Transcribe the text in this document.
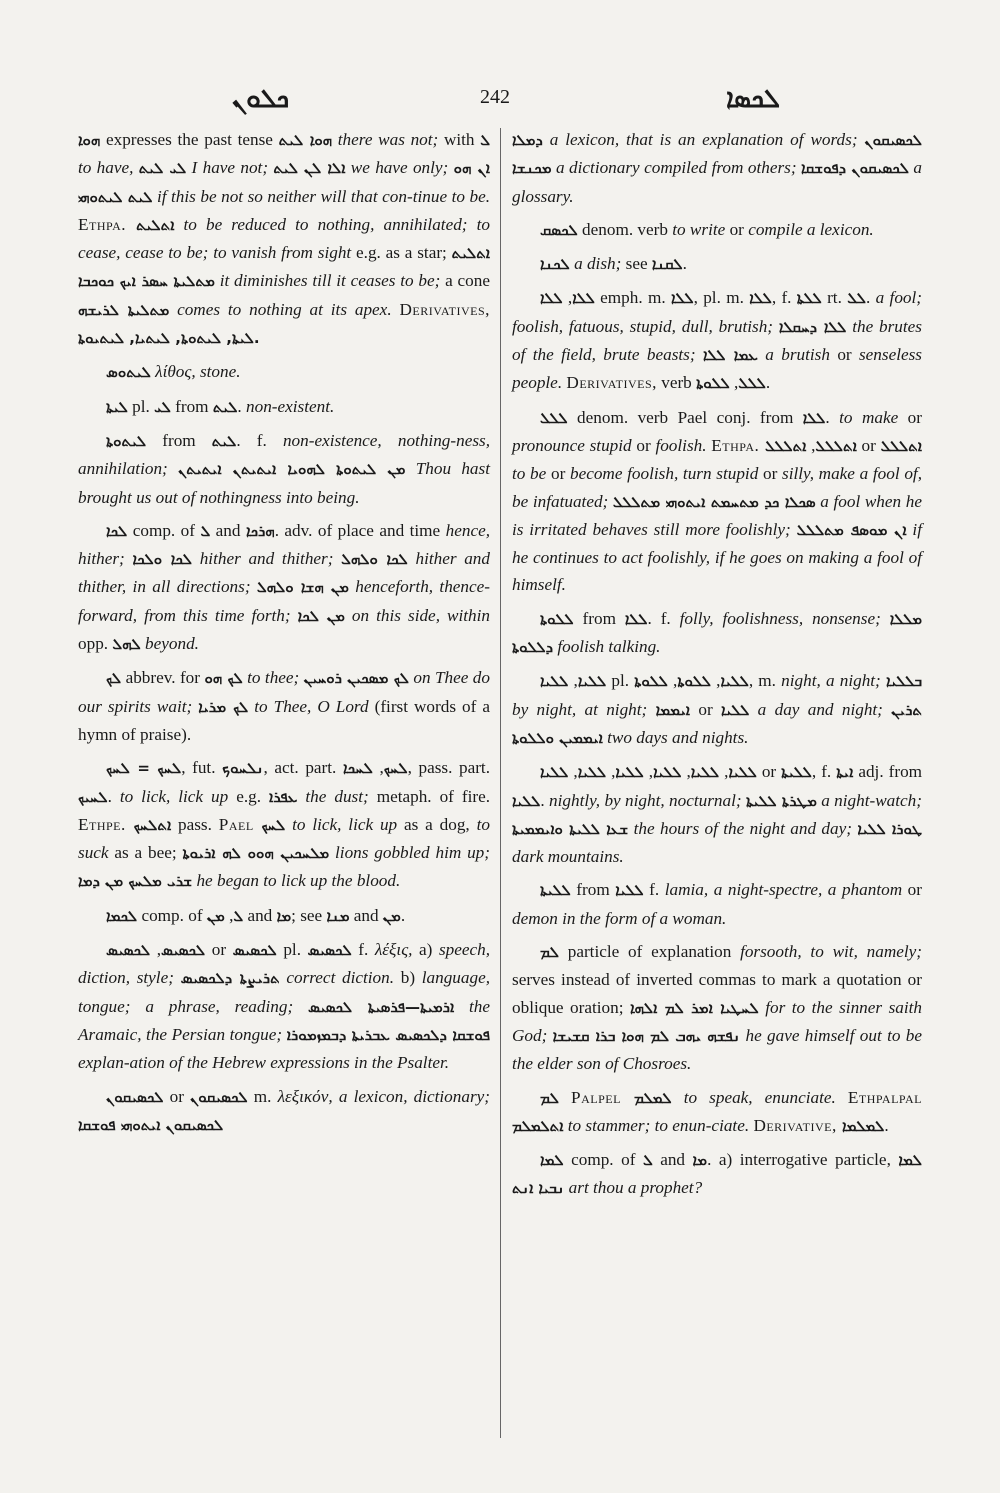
ܟܠܘܢ	242	ܠܟܣܐ

ܗܘܐ expresses the past tense ܗܘܐ ܠܝܬ there was not; with ܠ to have, ܠܝ ܠܝܬ I have not; ܐܠܐ ܠܢ ܠܝܬ we have only; ܐܢ ܗܘ ܠܝܬ ܠܝܬܘܗܝ if this be not so neither will that con-tinue to be. Ethpa. ܐܬܠܝܬ to be reduced to nothing, annihilated; to cease, cease to be; to vanish from sight e.g. as a star; ܐܬܠܝܬ ܡܬܠܝܬܐ ܚܣܪ ܐܝܟ ܟܘܟܒܐ it diminishes till it ceases to be; a cone ܡܬܠܝܬܐ ܠܪܝܫܗ comes to nothing at its apex. Derivatives, ܠܝܬܐ, ܠܝܬܘܬܐ, ܠܝܬܝܐ, ܠܝܬܝܘܬܐ.

ܠܝܬܘܣ λίθος, stone.

ܠܝܬܐ pl. ܠܝ from ܠܝܬ. non-existent.

ܠܝܬܘܬܐ from ܠܝܬ. f. non-existence, nothing-ness, annihilation;	ܡܢ ܠܝܬܘܬܐ ܠܗܘܝܐ ܐܝܬܝܬܢ ܐܝܬܝܬܢ	Thou hast brought us out of nothingness into being.

ܠܟܐ comp. of ܠ and ܗܪܟܐ. adv. of place and time hence, hither; ܠܟܐ ܘܠܟܐ hither and thither; ܠܟܐ ܘܠܗܠ hither and thither, in all directions; ܡܢ ܗܫܐ ܘܠܗܠ henceforth, thence-forward, from this time forth; ܡܢ ܠܟܐ on this side, within opp. ܠܗܠ beyond.

ܠܟ abbrev. for ܠܟ ܗܘ to thee;	ܠܟ ܡܣܟܝܢ ܪܘܚܝܢ on Thee do our spirits wait; ܠܟ ܡܪܝܐ to Thee, O Lord (first words of a hymn of praise).

ܠܚܟ = ܠܚܟ, fut. ܢܠܚܘܟ, act. part.	ܠܚܟ, ܠܚܟܐ , pass. part. ܠܚܝܟ. to lick, lick up e.g. ܥܦܪܐ the dust; metaph. of fire. Ethpe. ܐܬܠܚܟ pass. Pael ܠܚܟ to lick, lick up as a dog, to suck as a bee;	ܡܠܚܟܝܢ ܗܘܘ ܠܗ ܐܪܝܘܬܐ	lions gobbled him up; ܫܪܝ ܡܠܚܟ ܡܢ ܕܡܐ	he began to lick up the blood.

ܠܟܡܐ comp. of ܠ, ܡܢ and ܡܐ; see ܡܢܐ and ܡܢ.

ܠܟܣܝܣ, ܠܟܣܝܣ	or ܠܟܣܝܣ pl. ܠܟܣܝܣ f. λέξις, a) speech, diction, style;	ܬܪܝܨܬܐ ܕܠܟܣܝܣ correct diction. b) language, tongue; a phrase, reading; ܐܪܡܝܬܐ—ܦܪܣܝܬܐ ܠܟܣܝܣ the Aramaic, the Persian tongue;	ܦܘܫܩܐ ܕܠܟܣܝܣ ܥܒܪܝܬܐ ܕܒܡܙܡܘܪܐ explan-ation of the Hebrew expressions in the Psalter.

ܠܟܣܝܩܘܢ or ܠܟܣܝܩܘܢ m. λεξικόν, a lexicon, dictionary; ܠܟܣܝܩܘܢ ܐܝܬܘܗܝ ܦܘܫܩܐ

ܕܡܠܐ a lexicon, that is an explanation of words; ܠܟܣܝܩܘܢ ܡܟܢܫܐ a dictionary compiled from others; ܠܟܣܝܩܘܢ ܕܦܘܫܩܐ a glossary.

ܠܟܣܩ denom. verb to write or compile a lexicon.

ܠܟܢܐ a dish; see ܠܩܢܐ.

ܠܠܐ, ܠܠܐ emph. m. ܠܠܐ, pl. m. ܠܠܐ, f. ܠܠܬܐ rt. ܠܠ. a fool; foolish, fatuous, stupid, dull, brutish; ܠܠܐ ܕܚܩܠܐ the brutes of the field, brute beasts; ܥܡܐ ܠܠܐ a brutish or senseless people. Derivatives, verb	ܠܠܠ, ܠܠܘܬܐ .

ܠܠܠ denom. verb Pael conj. from ܠܠܐ. to make or pronounce stupid or foolish. Ethpa. ܐܬܠܠܠ, ܐܬܠܠܠ	or ܐܬܠܠܠ to be or become foolish, turn stupid or silly, make a fool of, be infatuated;	ܣܟܠܐ ܟܕ ܡܬܚܡܬ ܐܝܬܘܗܝ ܡܬܠܠܠ	a fool when he is irritated behaves still more foolishly; ܐܢ ܡܘܣܦ ܡܬܠܠܠ if he continues to act foolishly, if he goes on making a fool of himself.

ܠܠܘܬܐ from ܠܠܐ. f. folly, foolishness, nonsense; ܡܠܠܐ ܕܠܠܘܬܐ foolish talking.

ܠܠܝܐ, ܠܠܝܐ pl.	ܠܠܝܐ, ܠܠܘܬܐ, ܠܠܘܬܐ	, m. night, a night; ܒܠܠܝܐ by night, at night; ܐܝܡܡܐ or ܠܠܝܐ a day and night; ܬܪܝܢ ܐܝܡܡܝܢ ܘܠܠܘܬܐ	two days and nights.

ܠܠܝܐ, ܠܠܝܐ, ܠܠܝܐ, ܠܠܝܐ, ܠܠܝܐ, ܠܠܝܐ	or ܠܠܝܬܐ, f. ܐܝܬܐ adj. from ܠܠܝܐ. nightly, by night, nocturnal; ܡܛܪܬܐ ܠܠܝܬܐ a night-watch; ܫܥܐ ܠܠܝܬܐ ܘܐܝܡܡܝܬܐ the hours of the night and day; ܛܘܪܐ ܠܠܝܐ dark mountains.

ܠܠܝܬܐ from ܠܠܝܐ f. lamia, a night-spectre, a phantom or demon in the form of a woman.

ܠܡ particle of explanation forsooth, to wit, namely; serves instead of inverted commas to mark a quotation or oblique oration;	ܠܚܛܝܐ ܐܡܪ ܠܡ ܐܠܗܐ for to the sinner saith God; ܢܦܫܗ ܝܗܒ ܠܡ ܗܘܐ ܒܪܐ ܩܫܝܫܐ he gave himself out to be the elder son of Chosroes.

ܠܡ Palpel ܠܡܠܡ to speak, enunciate. Ethpalpal ܐܬܠܡܠܡ to stammer; to enun-ciate. Derivative, ܠܡܠܡܐ.

ܠܡܐ comp. of ܠ and ܡܐ. a) interrogative particle, ܠܡܐ ܢܒܝܐ ܐܢܬ art thou a prophet?
